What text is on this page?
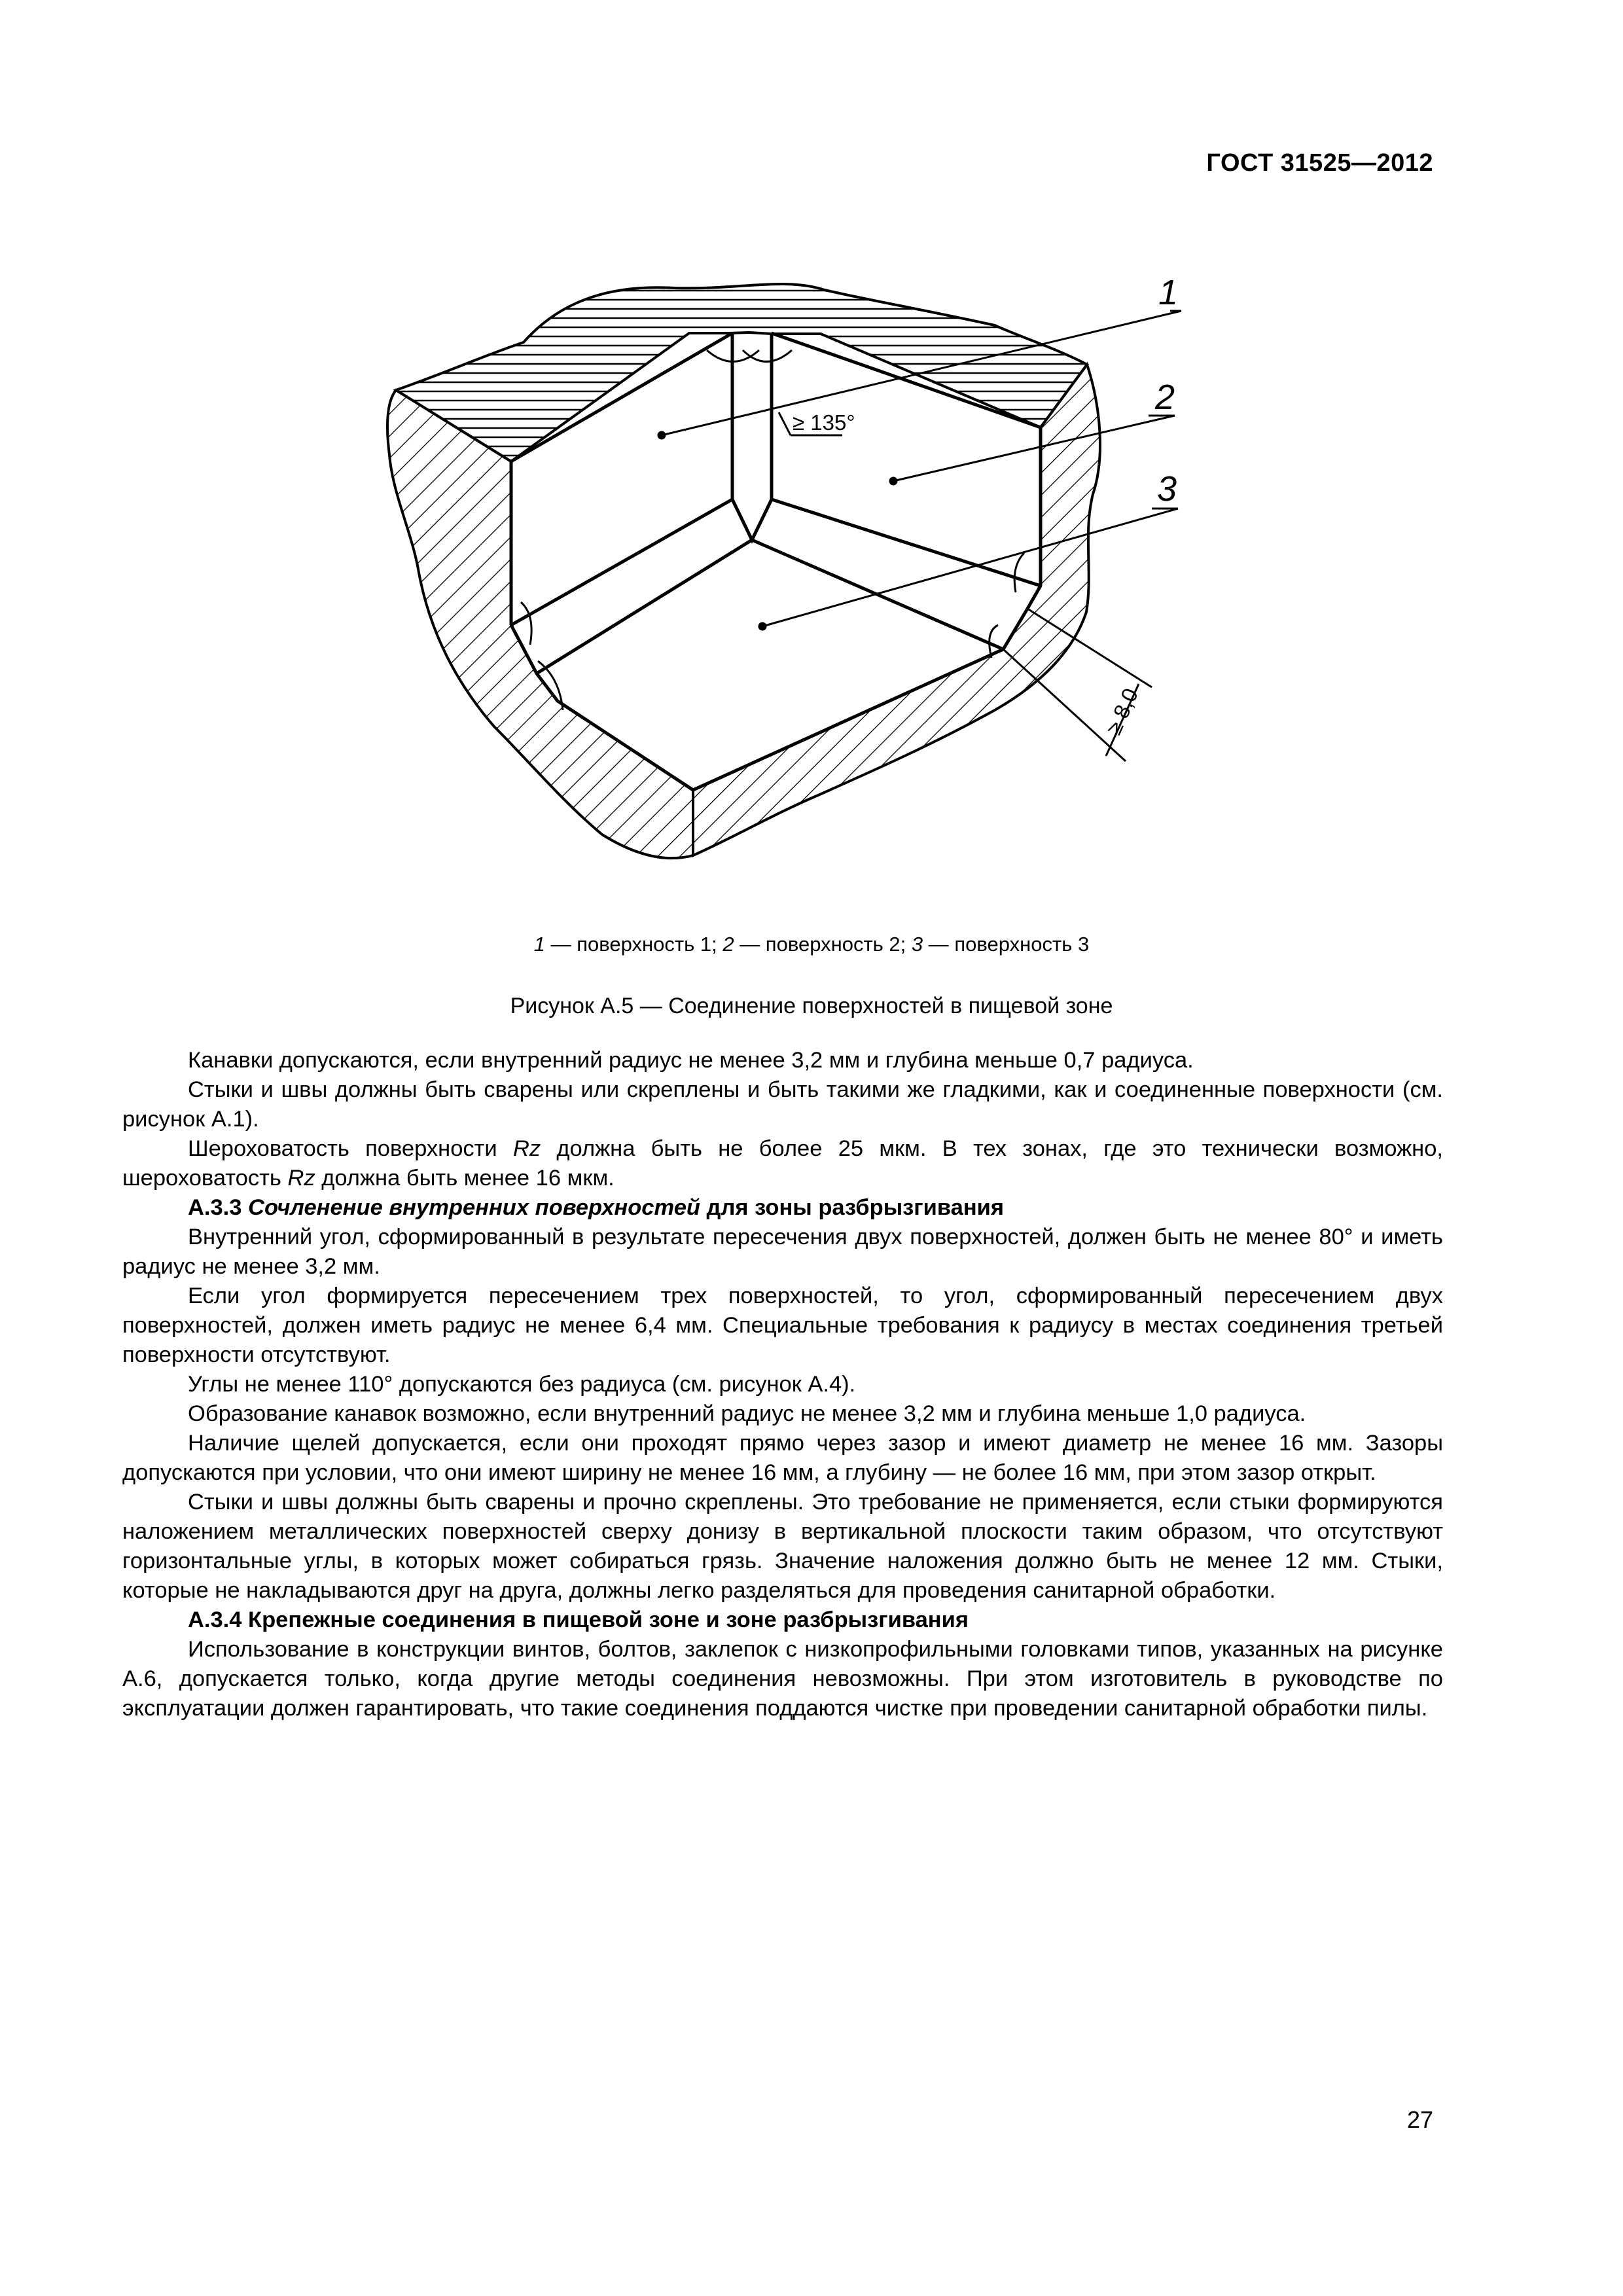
ГОСТ 31525—2012
1
2
3
≥ 135°
≥ 8,0
1 — поверхность 1; 2 — поверхность 2; 3 — поверхность 3
Рисунок А.5 — Соединение поверхностей в пищевой зоне

Канавки допускаются, если внутренний радиус не менее 3,2 мм и глубина меньше 0,7 радиуса.

Стыки и швы должны быть сварены или скреплены и быть такими же гладкими, как и соединенные поверхности (см. рисунок А.1).

Шероховатость поверхности Rz должна быть не более 25 мкм. В тех зонах, где это технически возможно, шероховатость Rz должна быть менее 16 мкм.

А.3.3 Сочленение внутренних поверхностей для зоны разбрызгивания

Внутренний угол, сформированный в результате пересечения двух поверхностей, должен быть не менее 80° и иметь радиус не менее 3,2 мм.

Если угол формируется пересечением трех поверхностей, то угол, сформированный пересечением двух поверхностей, должен иметь радиус не менее 6,4 мм. Специальные требования к радиусу в местах соединения третьей поверхности отсутствуют.

Углы не менее 110° допускаются без радиуса (см. рисунок А.4).

Образование канавок возможно, если внутренний радиус не менее 3,2 мм и глубина меньше 1,0 радиуса.

Наличие щелей допускается, если они проходят прямо через зазор и имеют диаметр не менее 16 мм. Зазоры допускаются при условии, что они имеют ширину не менее 16 мм, а глубину — не более 16 мм, при этом зазор открыт.

Стыки и швы должны быть сварены и прочно скреплены. Это требование не применяется, если стыки формируются наложением металлических поверхностей сверху донизу в вертикальной плоскости таким образом, что отсутствуют горизонтальные углы, в которых может собираться грязь. Значение наложения должно быть не менее 12 мм. Стыки, которые не накладываются друг на друга, должны легко разделяться для проведения санитарной обработки.

А.3.4 Крепежные соединения в пищевой зоне и зоне разбрызгивания

Использование в конструкции винтов, болтов, заклепок с низкопрофильными головками типов, указанных на рисунке А.6, допускается только, когда другие методы соединения невозможны. При этом изготовитель в руководстве по эксплуатации должен гарантировать, что такие соединения поддаются чистке при проведении санитарной обработки пилы.

27
